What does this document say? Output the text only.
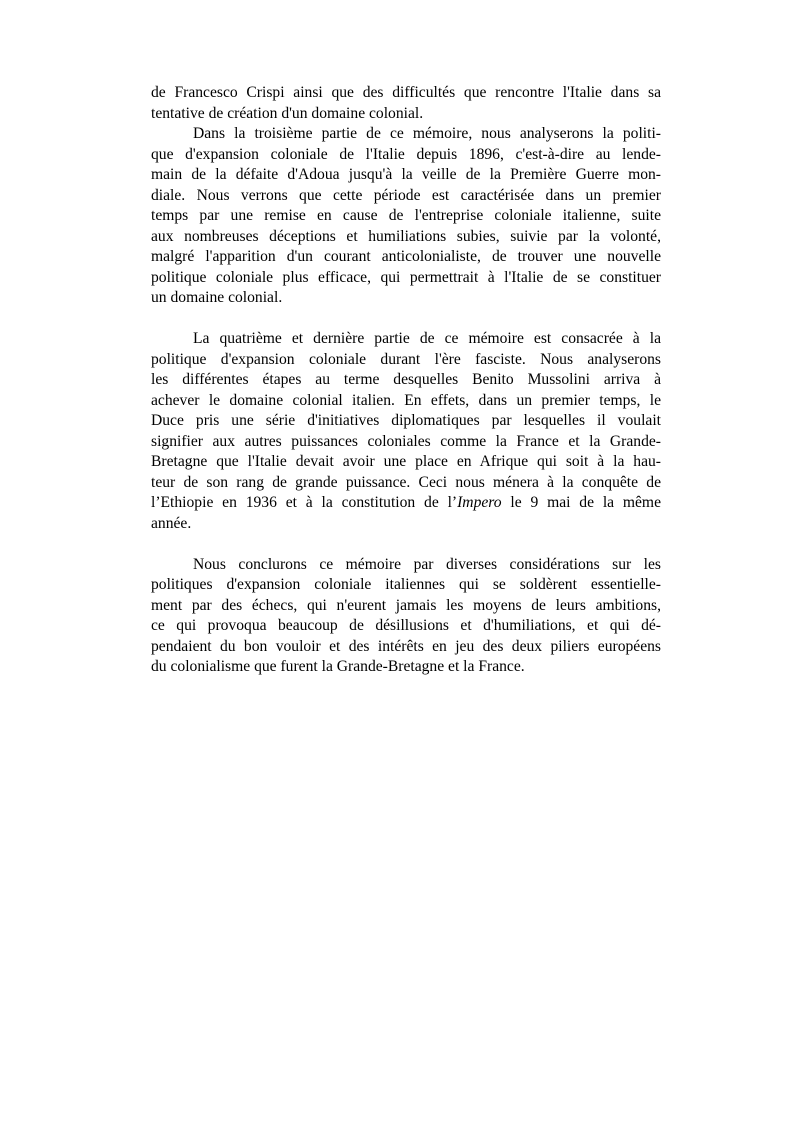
de Francesco Crispi ainsi que des difficultés que rencontre l'Italie dans sa
tentative de création d'un domaine colonial.
Dans la troisième partie de ce mémoire, nous analyserons la politi-
que d'expansion coloniale de l'Italie depuis 1896, c'est-à-dire au lende-
main de la défaite d'Adoua jusqu'à la veille de la Première Guerre mon-
diale. Nous verrons que cette période est caractérisée dans un premier
temps par une remise en cause de l'entreprise coloniale italienne, suite
aux nombreuses déceptions et humiliations subies, suivie par la volonté,
malgré l'apparition d'un courant anticolonialiste, de trouver une nouvelle
politique coloniale plus efficace, qui permettrait à l'Italie de se constituer
un domaine colonial.
La quatrième et dernière partie de ce mémoire est consacrée à la
politique d'expansion coloniale durant l'ère fasciste. Nous analyserons
les différentes étapes au terme desquelles Benito Mussolini arriva à
achever le domaine colonial italien. En effets, dans un premier temps, le
Duce pris une série d'initiatives diplomatiques par lesquelles il voulait
signifier aux autres puissances coloniales comme la France et la Grande-
Bretagne que l'Italie devait avoir une place en Afrique qui soit à la hau-
teur de son rang de grande puissance. Ceci nous ménera à la conquête de
l’Ethiopie en 1936 et à la constitution de l’Impero le 9 mai de la même
année.
Nous conclurons ce mémoire par diverses considérations sur les
politiques d'expansion coloniale italiennes qui se soldèrent essentielle-
ment par des échecs, qui n'eurent jamais les moyens de leurs ambitions,
ce qui provoqua beaucoup de désillusions et d'humiliations, et qui dé-
pendaient du bon vouloir et des intérêts en jeu des deux piliers européens
du colonialisme que furent la Grande-Bretagne et la France.
